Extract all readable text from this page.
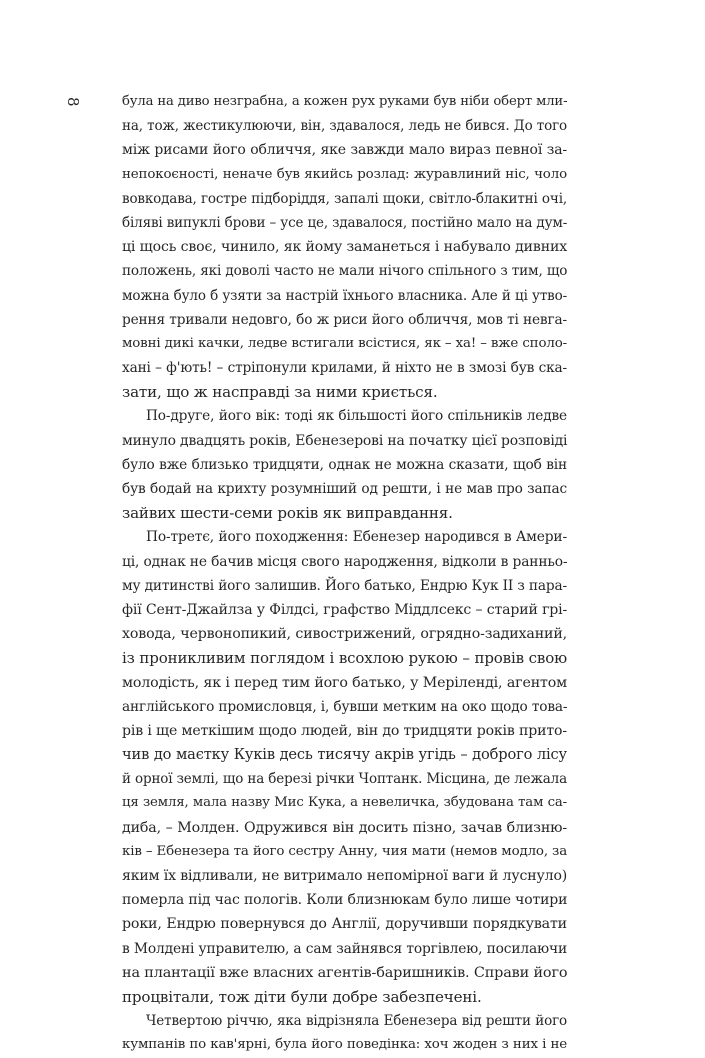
8	була на диво незграбна, а кожен рух руками був ніби оберт мли-
на, тож, жестикулюючи, він, здавалося, ледь не бився. До того
між рисами його обличчя, яке завжди мало вираз певної за-
непокоєності, неначе був якийсь розлад: журавлиний ніс, чоло
вовкодава, гостре підборіддя, запалі щоки, світло-блакитні очі,
біляві випуклі брови – усе це, здавалося, постійно мало на дум-
ці щось своє, чинило, як йому заманеться і набувало дивних
положень, які доволі часто не мали нічого спільного з тим, що
можна було б узяти за настрій їхнього власника. Але й ці утво-
рення тривали недовго, бо ж риси його обличчя, мов ті невга-
мовні дикі качки, ледве встигали всістися, як – ха! – вже споло-
хані – ф'ють! – стріпонули крилами, й ніхто не в змозі був ска-
зати, що ж насправді за ними криється.
По-друге, його вік: тоді як більшості його спільників ледве
минуло двадцять років, Ебенезерові на початку цієї розповіді
було вже близько тридцяти, однак не можна сказати, щоб він
був бодай на крихту розумніший од решти, і не мав про запас
зайвих шести-семи років як виправдання.
По-третє, його походження: Ебенезер народився в Амери-
ці, однак не бачив місця свого народження, відколи в ранньо-
му дитинстві його залишив. Його батько, Ендрю Кук II з пара-
фії Сент-Джайлза у Філдсі, графство Міддлсекс – старий грі-
ховода, червонопикий, сивострижений, огрядно-задиханий,
із проникливим поглядом і всохлою рукою – провів свою
молодість, як і перед тим його батько, у Меріленді, агентом
англійського промисловця, і, бувши метким на око щодо това-
рів і ще меткішим щодо людей, він до тридцяти років прито-
чив до маєтку Куків десь тисячу акрів угідь – доброго лісу
й орної землі, що на березі річки Чоптанк. Місцина, де лежала
ця земля, мала назву Мис Кука, а невеличка, збудована там са-
диба, – Молден. Одружився він досить пізно, зачав близню-
ків – Ебенезера та його сестру Анну, чия мати (немов модло, за
яким їх відливали, не витримало непомірної ваги й луснуло)
померла під час пологів. Коли близнюкам було лише чотири
роки, Ендрю повернувся до Англії, доручивши порядкувати
в Молдені управителю, а сам зайнявся торгівлею, посилаючи
на плантації вже власних агентів-баришників. Справи його
процвітали, тож діти були добре забезпечені.
Четвертою річчю, яка відрізняла Ебенезера від решти його
кумпанів по кав'ярні, була його поведінка: хоч жоден з них і не
